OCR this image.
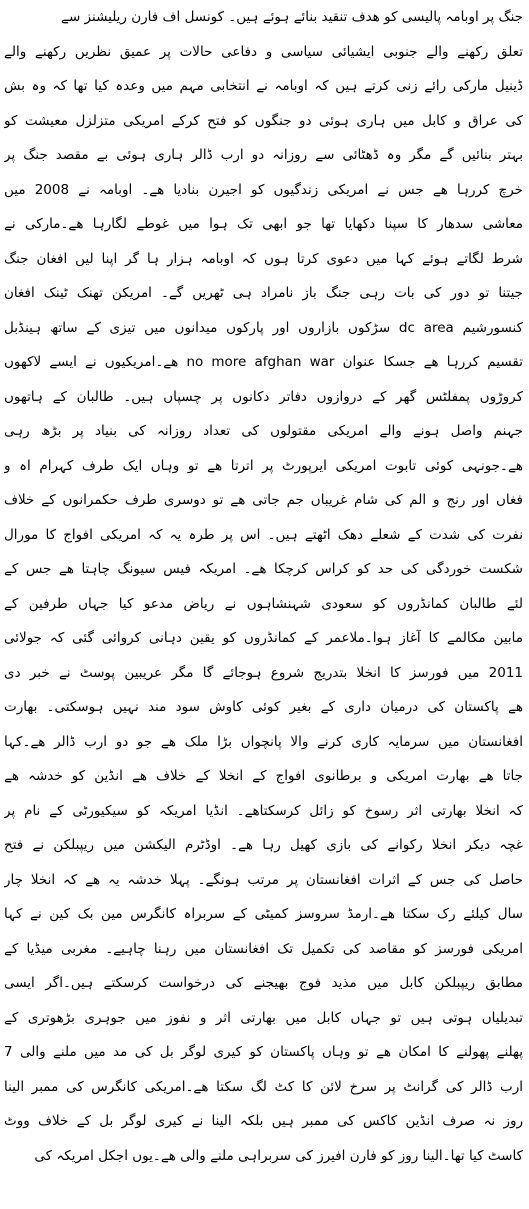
جنگ پر اوبامہ پالیسی کو ھدف تنقید بنائے ہوئے ہیں۔ کونسل اف فارن ریلیشنز سے
تعلق رکھنے والے جنوبی ایشیائی سیاسی و دفاعی حالات پر عمیق نظریں رکھنے والے
ڈینیل مارکی رائے زنی کرتے ہیں کہ اوبامہ نے انتخابی مہم میں وعدہ کیا تھا کہ وہ بش
کی عراق و کابل میں ہاری ہوئی دو جنگوں کو فتح کرکے امریکی متزلزل معیشت کو
بہتر بنائیں گے مگر وہ ڈھٹائی سے روزانہ دو ارب ڈالر ہاری ہوئی بے مقصد جنگ پر
خرچ کررہا ھے جس نے امریکی زندگیوں کو اجیرن بنادیا ھے۔ اوبامہ نے 2008 میں
معاشی سدھار کا سپنا دکھایا تھا جو ابھی تک ہوا میں غوطے لگارہا ھے۔مارکی نے
شرط لگاتے ہوئے کہا میں دعوی کرتا ہوں کہ اوبامہ ہزار ہا گر اپنا لیں افغان جنگ
جیتنا تو دور کی بات رہی جنگ باز نامراد ہی ٹھریں گے۔ امریکن تھنک ٹینک افغان
کنسورشیم dc area سڑکوں بازاروں اور پارکوں میدانوں میں تیزی کے ساتھ ہینڈبل
تقسیم کررہا ھے جسکا عنوان no more afghan war ھے۔امریکیوں نے ایسے لاکھوں
کروڑوں پمفلٹس گھر کے دروازوں دفاتر دکانوں پر چسپاں ہیں۔ طالبان کے ہاتھوں
جہنم واصل ہونے والے امریکی مقتولوں کی تعداد روزانہ کی بنیاد پر بڑھ رہی
ھے۔جونہی کوئی تابوت امریکی ایرپورٹ پر اترتا ھے تو وہاں ایک طرف کہرام اہ و
فغاں اور رنج و الم کی شام غریباں جم جاتی ھے تو دوسری طرف حکمرانوں کے خلاف
نفرت کی شدت کے شعلے دھک اٹھتے ہیں۔ اس پر طرہ یہ کہ امریکی افواج کا مورال
شکست خوردگی کی حد کو کراس کرچکا ھے۔ امریکہ فیس سیونگ چاہتا ھے جس کے
لئے طالبان کمانڈروں کو سعودی شہنشاہوں نے ریاض مدعو کیا جہاں طرفین کے
مابین مکالمے کا آغاز ہوا۔ملاعمر کے کمانڈروں کو یقین دہانی کروائی گئی کہ جولائی
2011 میں فورسز کا انخلا بتدریج شروع ہوجائے گا مگر عریبین پوسٹ نے خبر دی
ھے پاکستان کی درمیان داری کے بغیر کوئی کاوش سود مند نہیں ہوسکتی۔ بھارت
افغانستان میں سرمایہ کاری کرنے والا پانچواں بڑا ملک ھے جو دو ارب ڈالر ھے۔کہا
جاتا ھے بھارت امریکی و برطانوی افواج کے انخلا کے خلاف ھے انڈین کو خدشہ ھے
کہ انخلا بھارتی اثر رسوخ کو زائل کرسکتاھے۔ انڈیا امریکہ کو سیکیورٹی کے نام پر
غچہ دیکر انخلا رکوانے کی بازی کھیل رہا ھے۔ اوڈٹرم الیکشن میں ریپبلکن نے فتح
حاصل کی جس کے اثرات افغانستان پر مرتب ہونگے۔ پہلا خدشہ یہ ھے کہ انخلا چار
سال کیلئے رک سکتا ھے۔ارمڈ سروسز کمیٹی کے سربراہ کانگرس مین بک کین نے کہا
امریکی فورسز کو مقاصد کی تکمیل تک افغانستان میں رہنا چاہیے۔ مغربی میڈیا کے
مطابق ریپبلکن کابل میں مذید فوج بھیجنے کی درخواست کرسکتے ہیں۔اگر ایسی
تبدیلیاں ہوتی ہیں تو جہاں کابل میں بھارتی اثر و نفوز میں جوہری بڑھوتری کے
پھلنے پھولنے کا امکان ھے تو وہاں پاکستان کو کیری لوگر بل کی مد میں ملنے والی 7
ارب ڈالر کی گرانٹ پر سرخ لائن کا کٹ لگ سکتا ھے۔امریکی کانگرس کی ممبر الینا
روز نہ صرف انڈین کاکس کی ممبر ہیں بلکہ الینا نے کیری لوگر بل کے خلاف ووٹ
کاسٹ کیا تھا۔الینا روز کو فارن افیرز کی سربراہی ملنے والی ھے۔یوں اجکل امریکہ کی
